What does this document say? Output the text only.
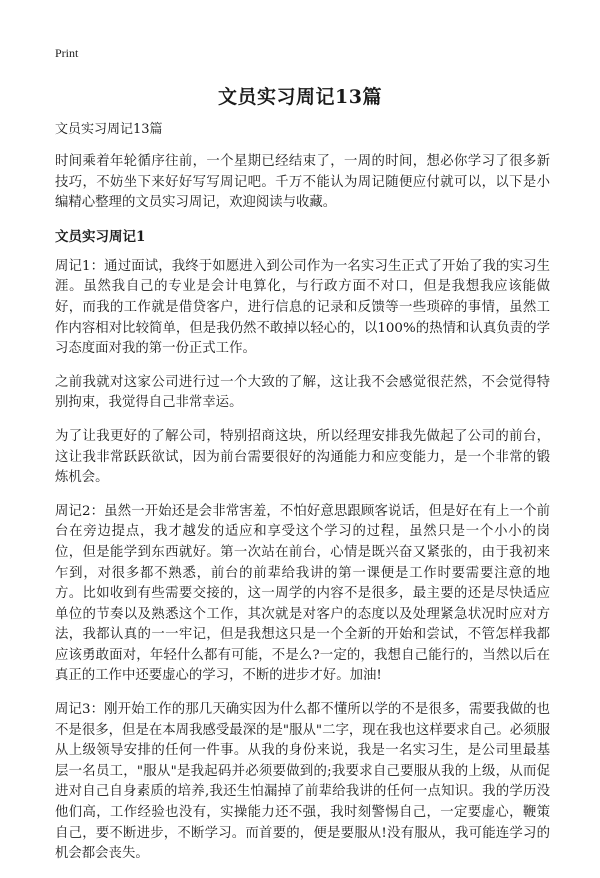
Print
文员实习周记13篇
文员实习周记13篇

时间乘着年轮循序往前，一个星期已经结束了，一周的时间，想必你学习了很多新技巧，不妨坐下来好好写写周记吧。千万不能认为周记随便应付就可以，以下是小编精心整理的文员实习周记，欢迎阅读与收藏。

文员实习周记1

周记1：通过面试，我终于如愿进入到公司作为一名实习生正式了开始了我的实习生涯。虽然我自己的专业是会计电算化，与行政方面不对口，但是我想我应该能做好，而我的工作就是借贷客户，进行信息的记录和反馈等一些琐碎的事情，虽然工作内容相对比较简单，但是我仍然不敢掉以轻心的，以100%的热情和认真负责的学习态度面对我的第一份正式工作。

之前我就对这家公司进行过一个大致的了解，这让我不会感觉很茫然，不会觉得特别拘束，我觉得自己非常幸运。

为了让我更好的了解公司，特别招商这块，所以经理安排我先做起了公司的前台，这让我非常跃跃欲试，因为前台需要很好的沟通能力和应变能力，是一个非常的锻炼机会。

周记2：虽然一开始还是会非常害羞，不怕好意思跟顾客说话，但是好在有上一个前台在旁边提点，我才越发的适应和享受这个学习的过程，虽然只是一个小小的岗位，但是能学到东西就好。第一次站在前台，心情是既兴奋又紧张的，由于我初来乍到，对很多都不熟悉，前台的前辈给我讲的第一课便是工作时要需要注意的地方。比如收到有些需要交接的，这一周学的内容不是很多，最主要的还是尽快适应单位的节奏以及熟悉这个工作，其次就是对客户的态度以及处理紧急状况时应对方法，我都认真的一一牢记，但是我想这只是一个全新的开始和尝试，不管怎样我都应该勇敢面对，年轻什么都有可能，不是么?一定的，我想自己能行的，当然以后在真正的工作中还要虚心的学习，不断的进步才好。加油!

周记3：刚开始工作的那几天确实因为什么都不懂所以学的不是很多，需要我做的也不是很多，但是在本周我感受最深的是"服从"二字，现在我也这样要求自己。必须服从上级领导安排的任何一件事。从我的身份来说，我是一名实习生，是公司里最基层一名员工，"服从"是我起码并必须要做到的;我要求自己要服从我的上级，从而促进对自己自身素质的培养,我还生怕漏掉了前辈给我讲的任何一点知识。我的学历没他们高，工作经验也没有，实操能力还不强，我时刻警惕自己，一定要虚心，鞭策自己，要不断进步，不断学习。而首要的，便是要服从!没有服从，我可能连学习的机会都会丧失。
